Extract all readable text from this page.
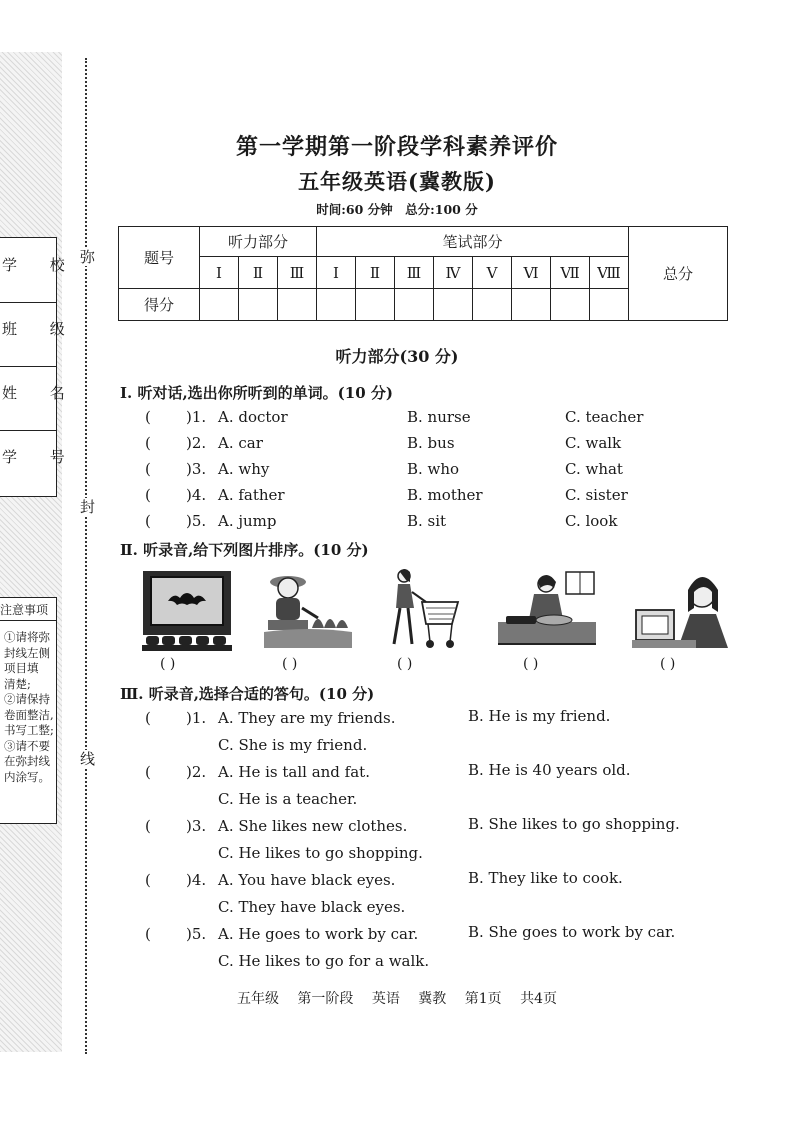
学 校
班 级
姓 名
学 号
注意事项
①请将弥
封线左侧
项目填
清楚;
②请保持
卷面整洁,
书写工整;
③请不要
在弥封线
内涂写。
弥
封
线
第一学期第一阶段学科素养评价
五年级英语(冀教版)
时间:60 分钟　总分:100 分
题号	听力部分			笔试部分								总分
	Ⅰ	Ⅱ	Ⅲ	Ⅰ	Ⅱ	Ⅲ	Ⅳ	Ⅴ	Ⅵ	Ⅶ	Ⅷ	
得分												
听力部分(30 分)
Ⅰ. 听对话,选出你所听到的单词。(10 分)
( )1. A. doctor	B. nurse	C. teacher
( )2. A. car	B. bus	C. walk
( )3. A. why	B. who	C. what
( )4. A. father	B. mother	C. sister
( )5. A. jump	B. sit	C. look
Ⅱ. 听录音,给下列图片排序。(10 分)
( )	( )	( )	( )	( )
Ⅲ. 听录音,选择合适的答句。(10 分)
( )1. A. They are my friends.	B. He is my friend.
C. She is my friend.
( )2. A. He is tall and fat.	B. He is 40 years old.
C. He is a teacher.
( )3. A. She likes new clothes.	B. She likes to go shopping.
C. He likes to go shopping.
( )4. A. You have black eyes.	B. They like to cook.
C. They have black eyes.
( )5. A. He goes to work by car.	B. She goes to work by car.
C. He likes to go for a walk.
五年级 第一阶段 英语 冀教 第1页 共4页
